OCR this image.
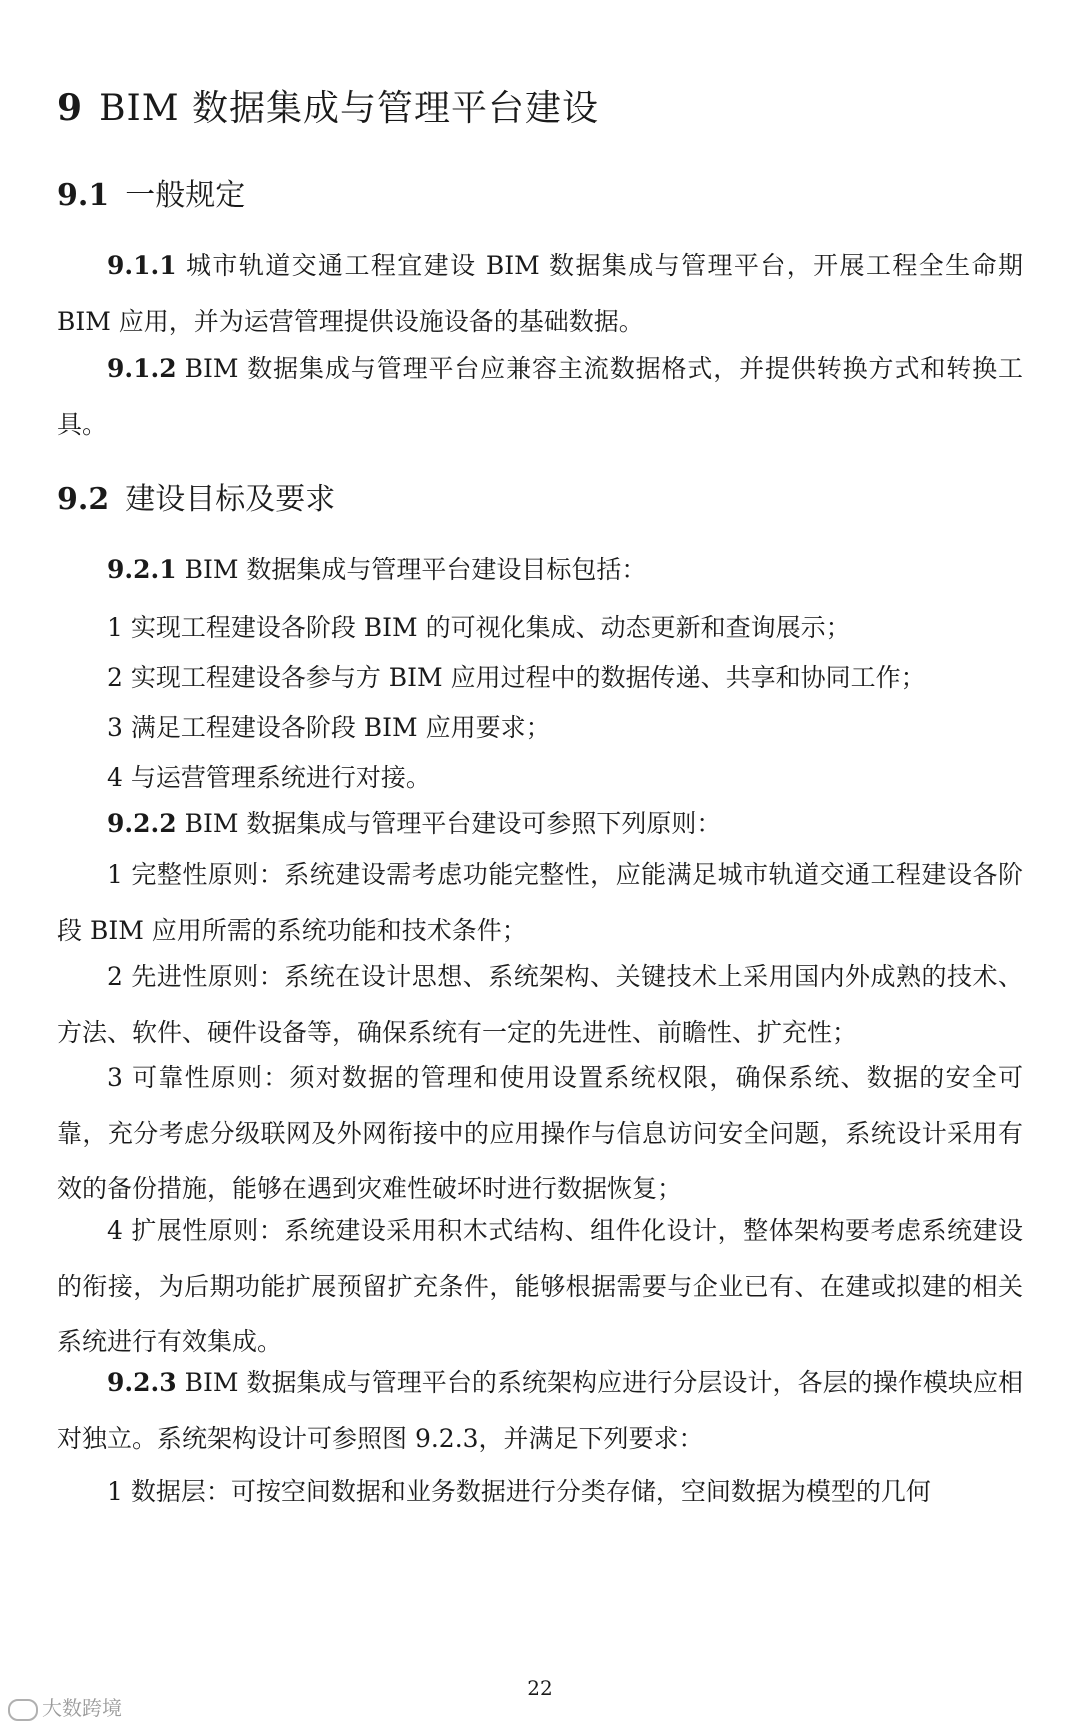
9 BIM 数据集成与管理平台建设
9.1 一般规定
9.1.1 城市轨道交通工程宜建设 BIM 数据集成与管理平台，开展工程全生命期 BIM 应用，并为运营管理提供设施设备的基础数据。
9.1.2 BIM 数据集成与管理平台应兼容主流数据格式，并提供转换方式和转换工具。
9.2 建设目标及要求
9.2.1 BIM 数据集成与管理平台建设目标包括：
1 实现工程建设各阶段 BIM 的可视化集成、动态更新和查询展示；
2 实现工程建设各参与方 BIM 应用过程中的数据传递、共享和协同工作；
3 满足工程建设各阶段 BIM 应用要求；
4 与运营管理系统进行对接。
9.2.2 BIM 数据集成与管理平台建设可参照下列原则：
1 完整性原则：系统建设需考虑功能完整性，应能满足城市轨道交通工程建设各阶段 BIM 应用所需的系统功能和技术条件；
2 先进性原则：系统在设计思想、系统架构、关键技术上采用国内外成熟的技术、方法、软件、硬件设备等，确保系统有一定的先进性、前瞻性、扩充性；
3 可靠性原则：须对数据的管理和使用设置系统权限，确保系统、数据的安全可靠，充分考虑分级联网及外网衔接中的应用操作与信息访问安全问题，系统设计采用有效的备份措施，能够在遇到灾难性破坏时进行数据恢复；
4 扩展性原则：系统建设采用积木式结构、组件化设计，整体架构要考虑系统建设的衔接，为后期功能扩展预留扩充条件，能够根据需要与企业已有、在建或拟建的相关系统进行有效集成。
9.2.3 BIM 数据集成与管理平台的系统架构应进行分层设计，各层的操作模块应相对独立。系统架构设计可参照图 9.2.3，并满足下列要求：
1 数据层：可按空间数据和业务数据进行分类存储，空间数据为模型的几何
22
大数跨境
